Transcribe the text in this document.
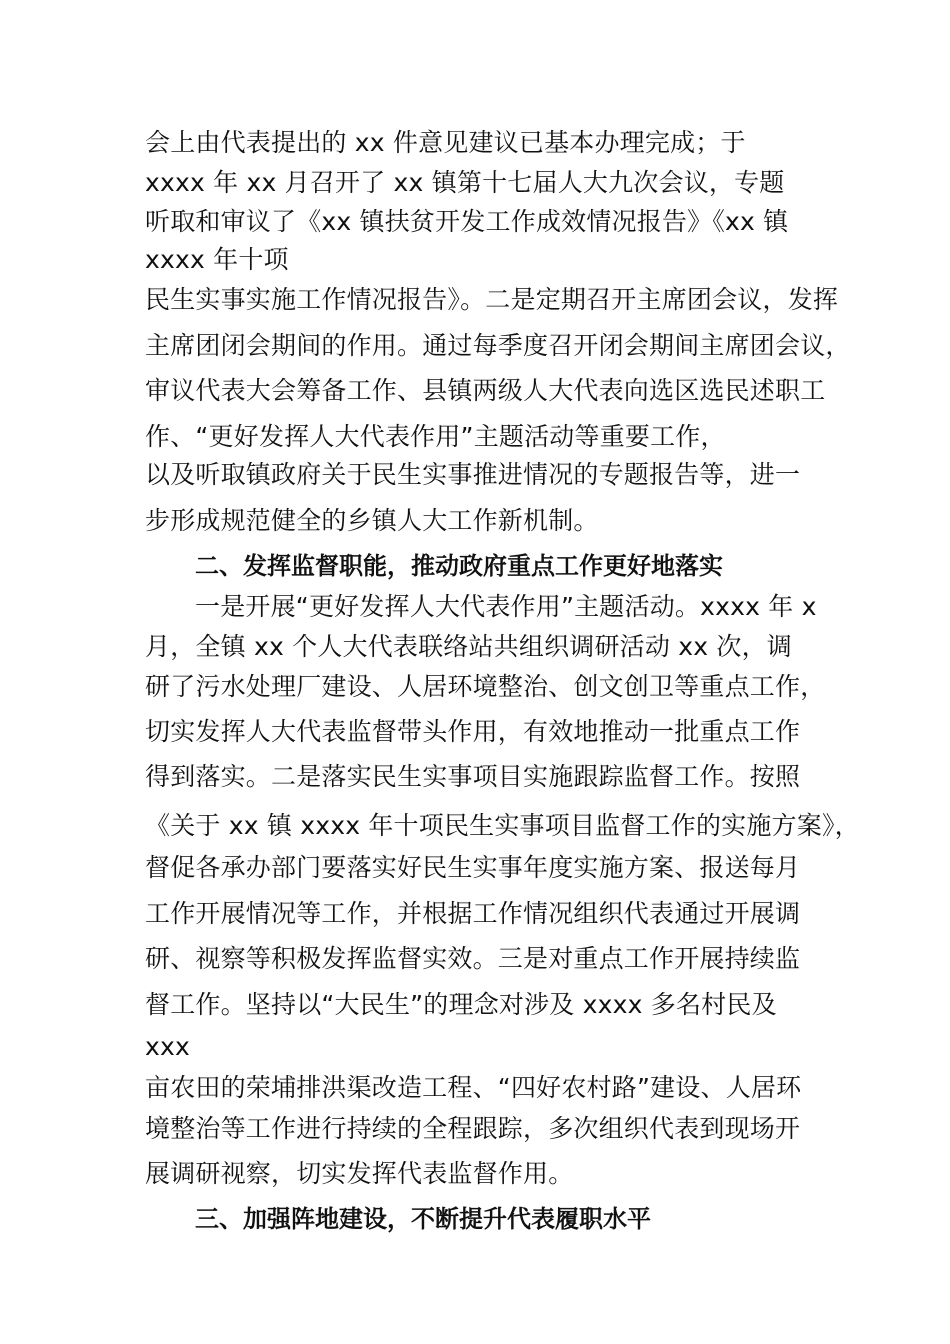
会上由代表提出的 xx 件意见建议已基本办理完成；于
xxxx 年 xx 月召开了 xx 镇第十七届人大九次会议，专题
听取和审议了《xx 镇扶贫开发工作成效情况报告》《xx 镇
xxxx 年十项
民生实事实施工作情况报告》。二是定期召开主席团会议，发挥
主席团闭会期间的作用。通过每季度召开闭会期间主席团会议，
审议代表大会筹备工作、县镇两级人大代表向选区选民述职工
作、“更好发挥人大代表作用”主题活动等重要工作，
以及听取镇政府关于民生实事推进情况的专题报告等，进一
步形成规范健全的乡镇人大工作新机制。
二、发挥监督职能，推动政府重点工作更好地落实
一是开展“更好发挥人大代表作用”主题活动。xxxx 年 x
月，全镇 xx 个人大代表联络站共组织调研活动 xx 次，调
研了污水处理厂建设、人居环境整治、创文创卫等重点工作，
切实发挥人大代表监督带头作用，有效地推动一批重点工作
得到落实。二是落实民生实事项目实施跟踪监督工作。按照
《关于 xx 镇 xxxx 年十项民生实事项目监督工作的实施方案》，
督促各承办部门要落实好民生实事年度实施方案、报送每月
工作开展情况等工作，并根据工作情况组织代表通过开展调
研、视察等积极发挥监督实效。三是对重点工作开展持续监
督工作。坚持以“大民生”的理念对涉及 xxxx 多名村民及
xxx
亩农田的荣埔排洪渠改造工程、“四好农村路”建设、人居环
境整治等工作进行持续的全程跟踪，多次组织代表到现场开
展调研视察，切实发挥代表监督作用。
三、加强阵地建设，不断提升代表履职水平
